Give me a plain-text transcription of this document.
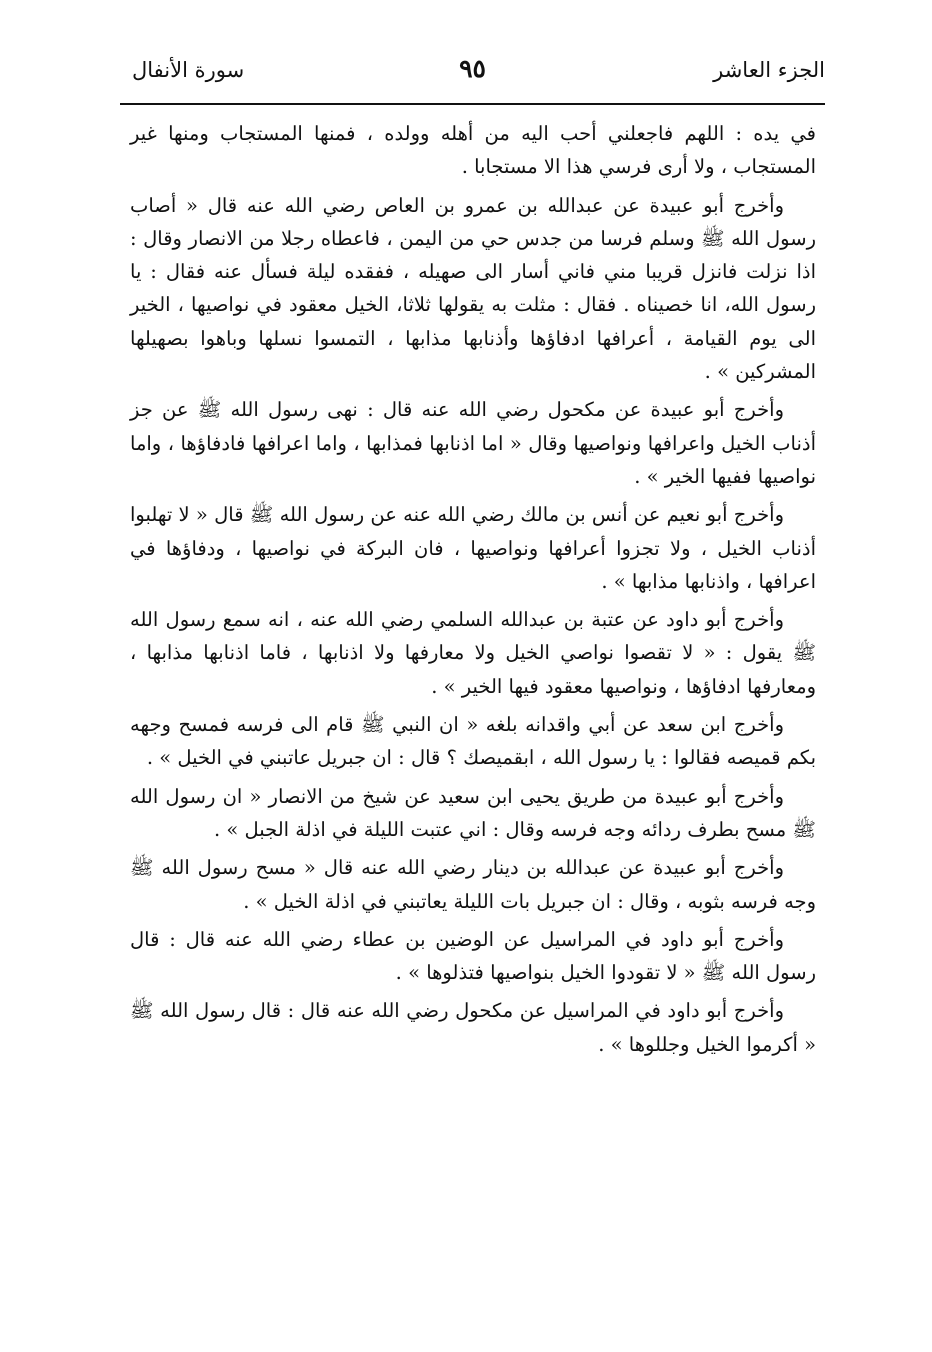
الجزء العاشر
٩٥
سورة الأنفال

في يده : اللهم فاجعلني أحب اليه من أهله وولده ، فمنها المستجاب ومنها غير المستجاب ، ولا أرى فرسي هذا الا مستجابا .

وأخرج أبو عبيدة عن عبدالله بن عمرو بن العاص رضي الله عنه قال « أصاب رسول الله ﷺ وسلم فرسا من جدس حي من اليمن ، فاعطاه رجلا من الانصار وقال : اذا نزلت فانزل قريبا مني فاني أسار الى صهيله ، ففقده ليلة فسأل عنه فقال : يا رسول الله، انا خصيناه . فقال : مثلت به يقولها ثلاثا، الخيل معقود في نواصيها ، الخير الى يوم القيامة ، أعرافها ادفاؤها وأذنابها مذابها ، التمسوا نسلها وباهوا بصهيلها المشركين » .

وأخرج أبو عبيدة عن مكحول رضي الله عنه قال : نهى رسول الله ﷺ عن جز أذناب الخيل واعرافها ونواصيها وقال « اما اذنابها فمذابها ، واما اعرافها فادفاؤها ، واما نواصيها ففيها الخير » .

وأخرج أبو نعيم عن أنس بن مالك رضي الله عنه عن رسول الله ﷺ قال « لا تهلبوا أذناب الخيل ، ولا تجزوا أعرافها ونواصيها ، فان البركة في نواصيها ، ودفاؤها في اعرافها ، واذنابها مذابها » .

وأخرج أبو داود عن عتبة بن عبدالله السلمي رضي الله عنه ، انه سمع رسول الله ﷺ يقول : « لا تقصوا نواصي الخيل ولا معارفها ولا اذنابها ، فاما اذنابها مذابها ، ومعارفها ادفاؤها ، ونواصيها معقود فيها الخير » .

وأخرج ابن سعد عن أبي واقدانه بلغه « ان النبي ﷺ قام الى فرسه فمسح وجهه بكم قميصه فقالوا : يا رسول الله ، ابقميصك ؟ قال : ان جبريل عاتبني في الخيل » .

وأخرج أبو عبيدة من طريق يحيى ابن سعيد عن شيخ من الانصار « ان رسول الله ﷺ مسح بطرف ردائه وجه فرسه وقال : اني عتبت الليلة في اذلة الجبل » .

وأخرج أبو عبيدة عن عبدالله بن دينار رضي الله عنه قال « مسح رسول الله ﷺ وجه فرسه بثوبه ، وقال : ان جبريل بات الليلة يعاتبني في اذلة الخيل » .

وأخرج أبو داود في المراسيل عن الوضين بن عطاء رضي الله عنه قال : قال رسول الله ﷺ « لا تقودوا الخيل بنواصيها فتذلوها » .

وأخرج أبو داود في المراسيل عن مكحول رضي الله عنه قال : قال رسول الله ﷺ « أكرموا الخيل وجللوها » .
